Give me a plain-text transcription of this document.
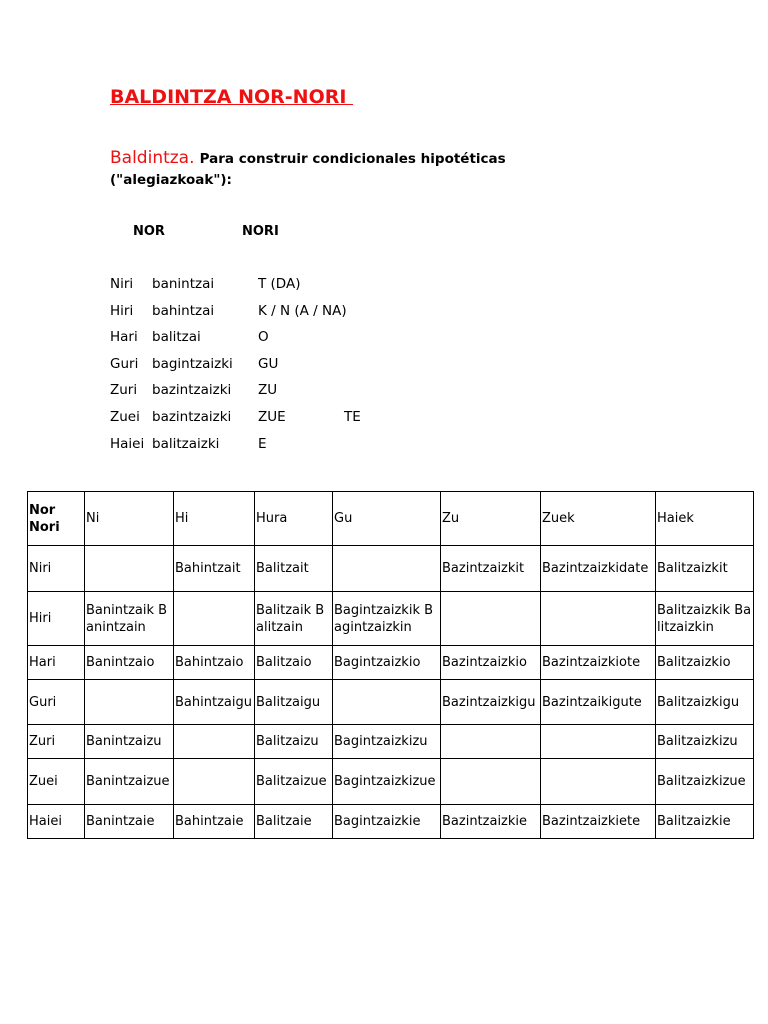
BALDINTZA NOR-NORI
Baldintza. Para construir condicionales hipotéticas ("alegiazkoak"):
NOR	NORI
Niri banintzai	T (DA)
Hiri bahintzai	K / N (A / NA)
Hari balitzai	O
Guri bagintzaizki GU
Zuri bazintzaizki ZU
Zuei bazintzaizki ZUE	TE
Haiei balitzaizki	E
Nor
Nori	Ni	Hi	Hura	Gu	Zu	Zuek	Haiek
Niri		Bahintzait	Balitzait		Bazintzaizkit	Bazintzaizkidate	Balitzaizkit
Hiri	Banintzaik Banintzain		Balitzaik Balitzain	Bagintzaizkik Bagintzaizkin			Balitzaizkik Balitzaizkin
Hari	Banintzaio	Bahintzaio	Balitzaio	Bagintzaizkio	Bazintzaizkio	Bazintzaizkiote	Balitzaizkio
Guri		Bahintzaigu	Balitzaigu		Bazintzaizkigu	Bazintzaikigute	Balitzaizkigu
Zuri	Banintzaizu		Balitzaizu	Bagintzaizkizu			Balitzaizkizu
Zuei	Banintzaizue		Balitzaizue	Bagintzaizkizue			Balitzaizkizue
Haiei	Banintzaie	Bahintzaie	Balitzaie	Bagintzaizkie	Bazintzaizkie	Bazintzaizkiete	Balitzaizkie
